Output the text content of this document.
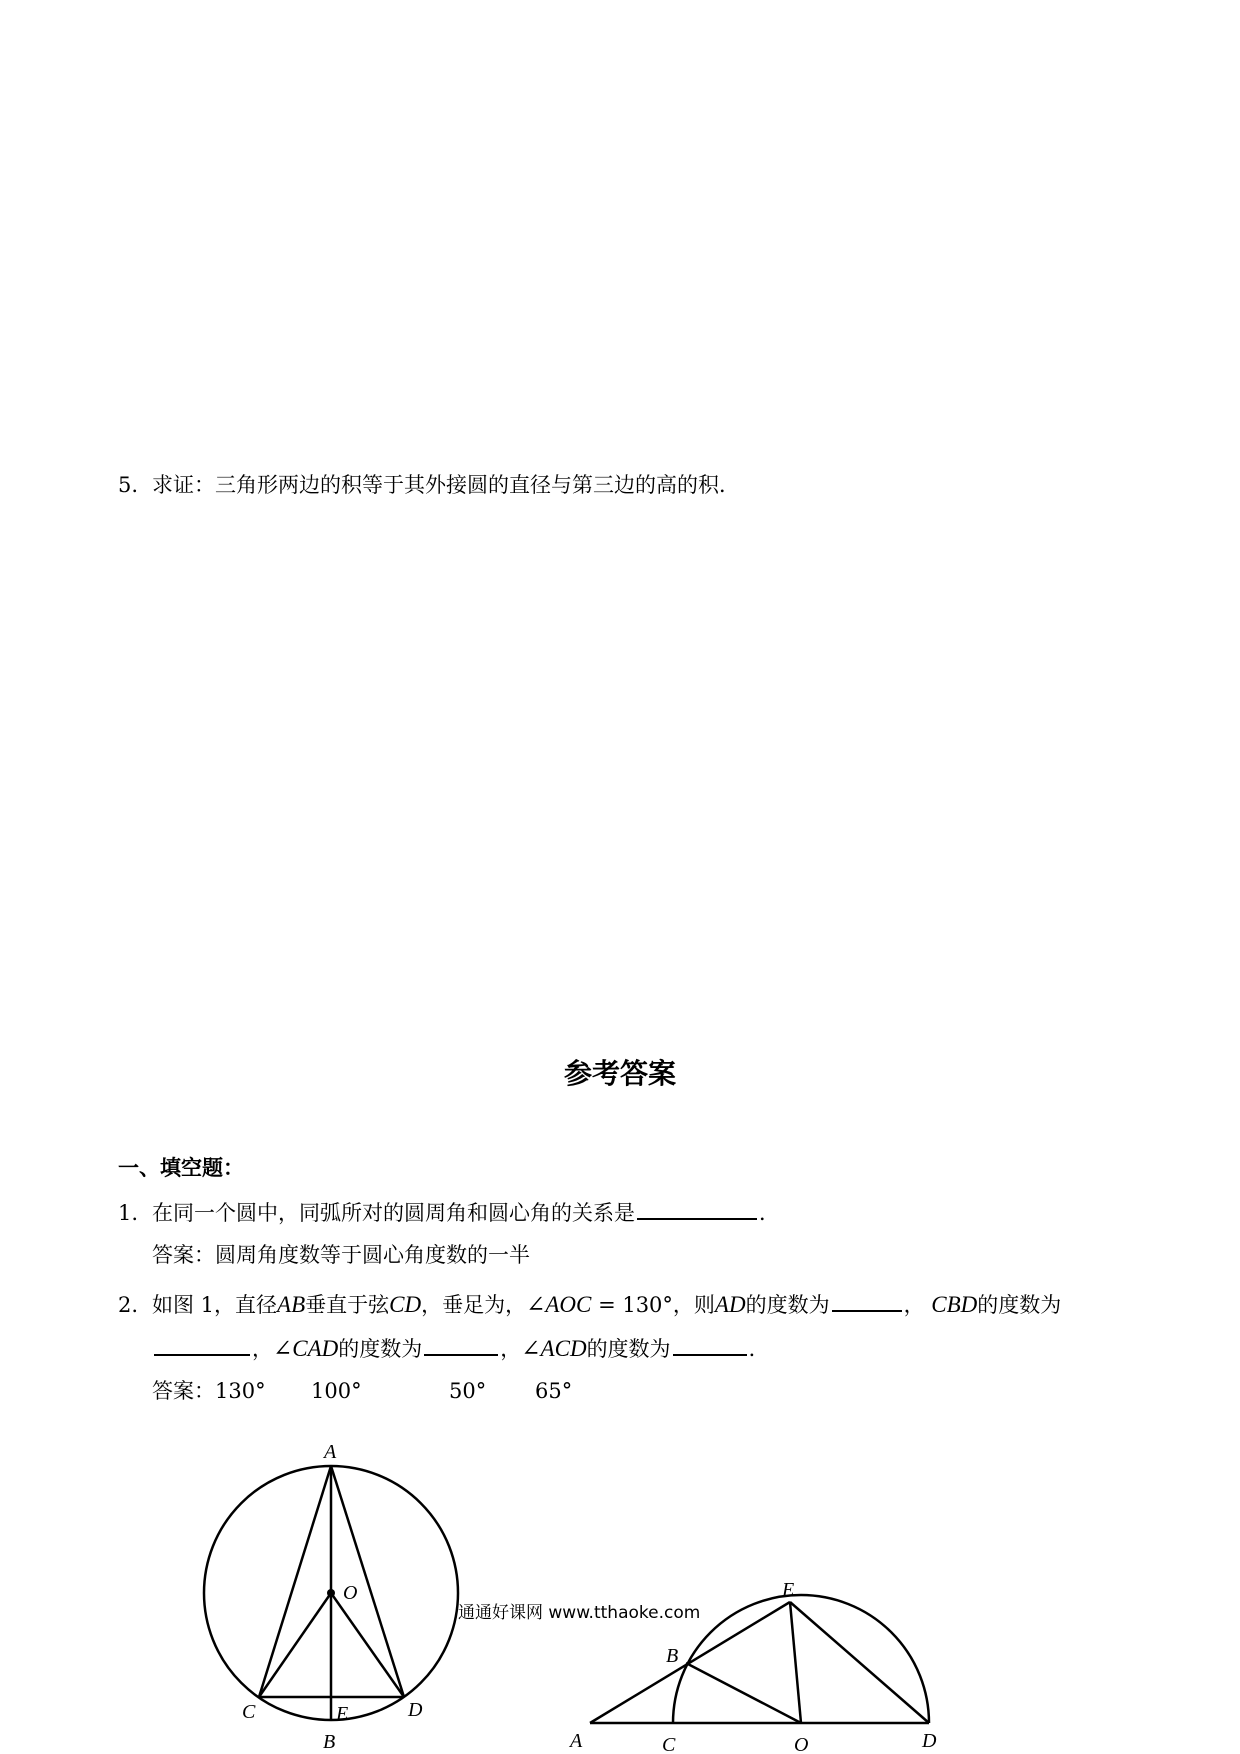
5. 求证：三角形两边的积等于其外接圆的直径与第三边的高的积．
参考答案
一、填空题：
1. 在同一个圆中，同弧所对的圆周角和圆心角的关系是	．
答案：圆周角度数等于圆心角度数的一半
2. 如图 1，直径AB垂直于弦CD，垂足为，∠AOC = 130°，则AD的度数为	， CBD的度数为
，∠CAD的度数为	，∠ACD的度数为	．
答案：130° 100°	50° 65°
A
O
C	E	D
B
E
B
A	C	O	D
通通好课网 www.tthaoke.com
